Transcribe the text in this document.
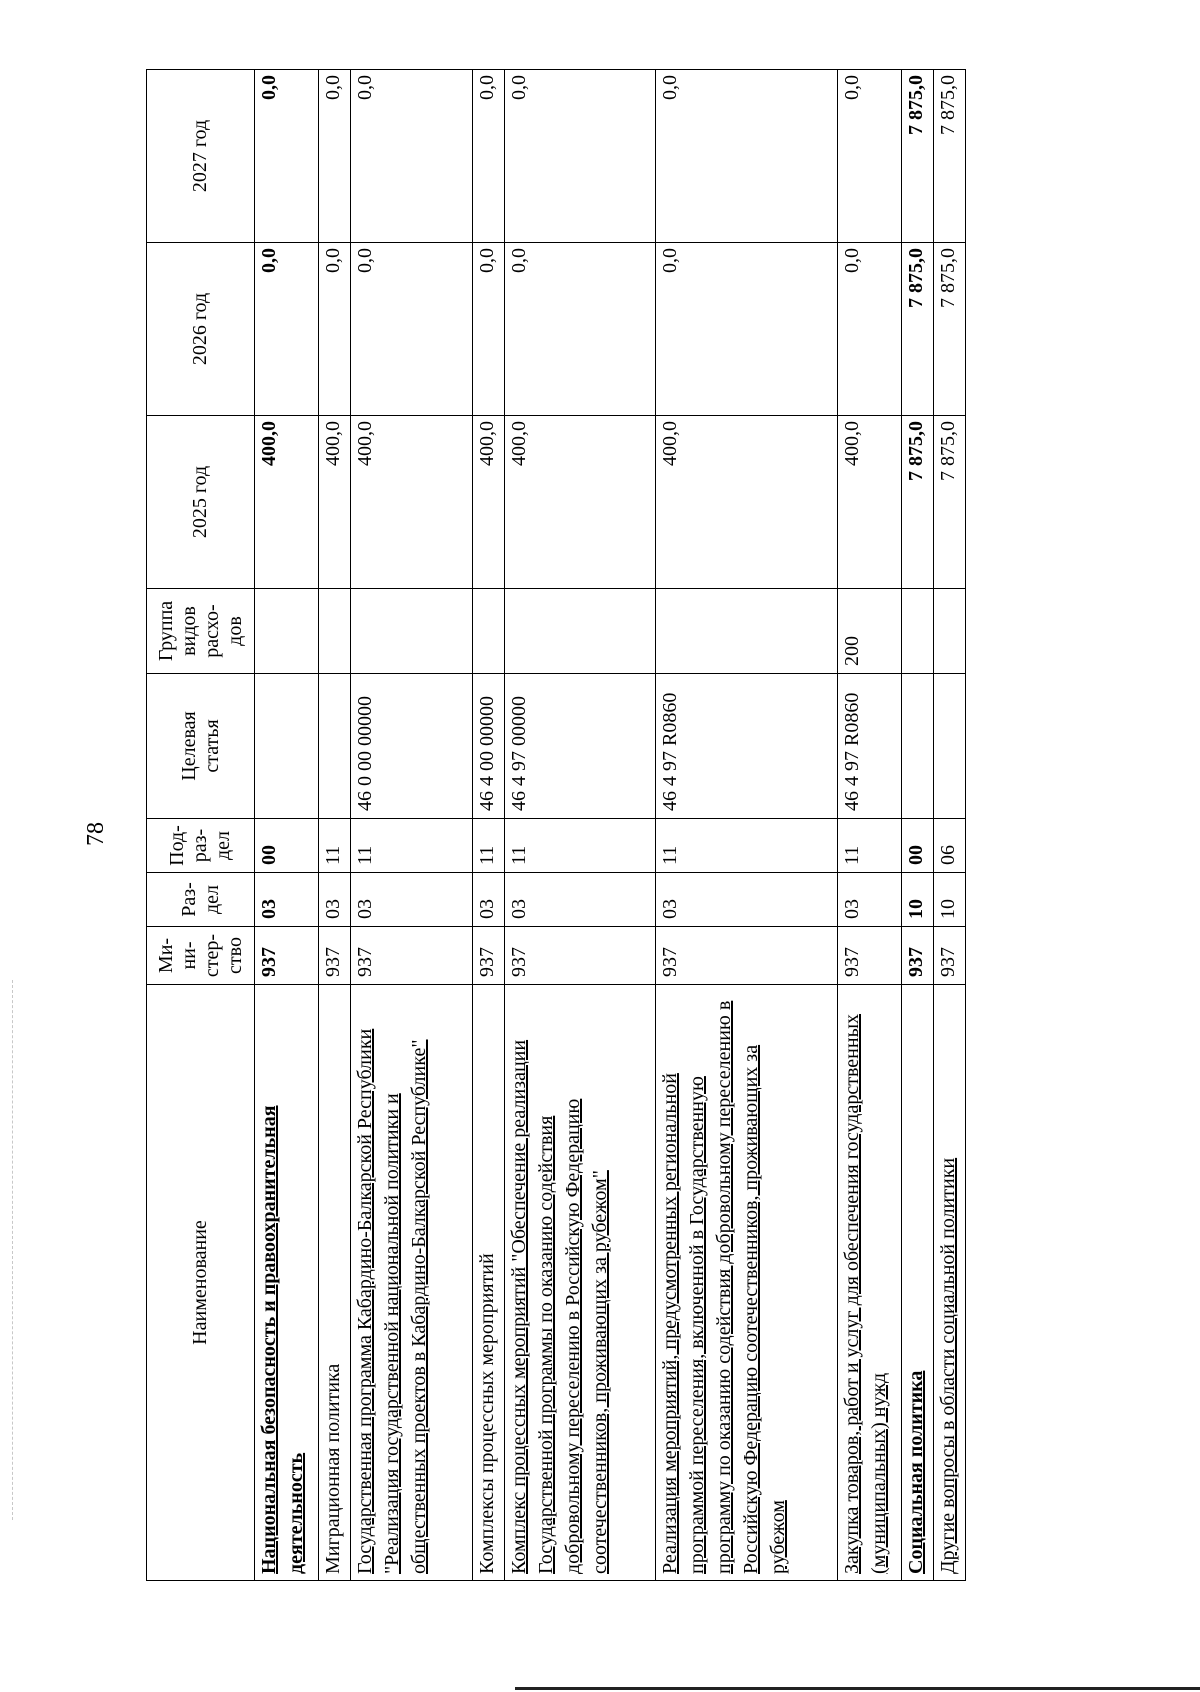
78
Наименование	Ми-
ни-
стер-
ство	Раз-
дел	Под-
раз-
дел	Целевая
статья	Группа
видов
расхо-
дов	2025 год	2026 год	2027 год
Национальная безопасность и правоохранительная деятельность	937	03	00			400,0	0,0	0,0
Миграционная политика	937	03	11			400,0	0,0	0,0
Государственная программа Кабардино-Балкарской Республики "Реализация государственной национальной политики и общественных проектов в Кабардино-Балкарской Республике"	937	03	11	46 0 00 00000		400,0	0,0	0,0
Комплексы процессных мероприятий	937	03	11	46 4 00 00000		400,0	0,0	0,0
Комплекс процессных мероприятий "Обеспечение реализации Государственной программы по оказанию содействия добровольному переселению в Российскую Федерацию соотечественников, проживающих за рубежом"	937	03	11	46 4 97 00000		400,0	0,0	0,0
Реализация мероприятий, предусмотренных региональной программой переселения, включенной в Государственную программу по оказанию содействия добровольному переселению в Российскую Федерацию соотечественников, проживающих за рубежом	937	03	11	46 4 97 R0860		400,0	0,0	0,0
Закупка товаров, работ и услуг для обеспечения государственных (муниципальных) нужд	937	03	11	46 4 97 R0860	200	400,0	0,0	0,0
Социальная политика	937	10	00			7 875,0	7 875,0	7 875,0
Другие вопросы в области социальной политики	937	10	06			7 875,0	7 875,0	7 875,0
